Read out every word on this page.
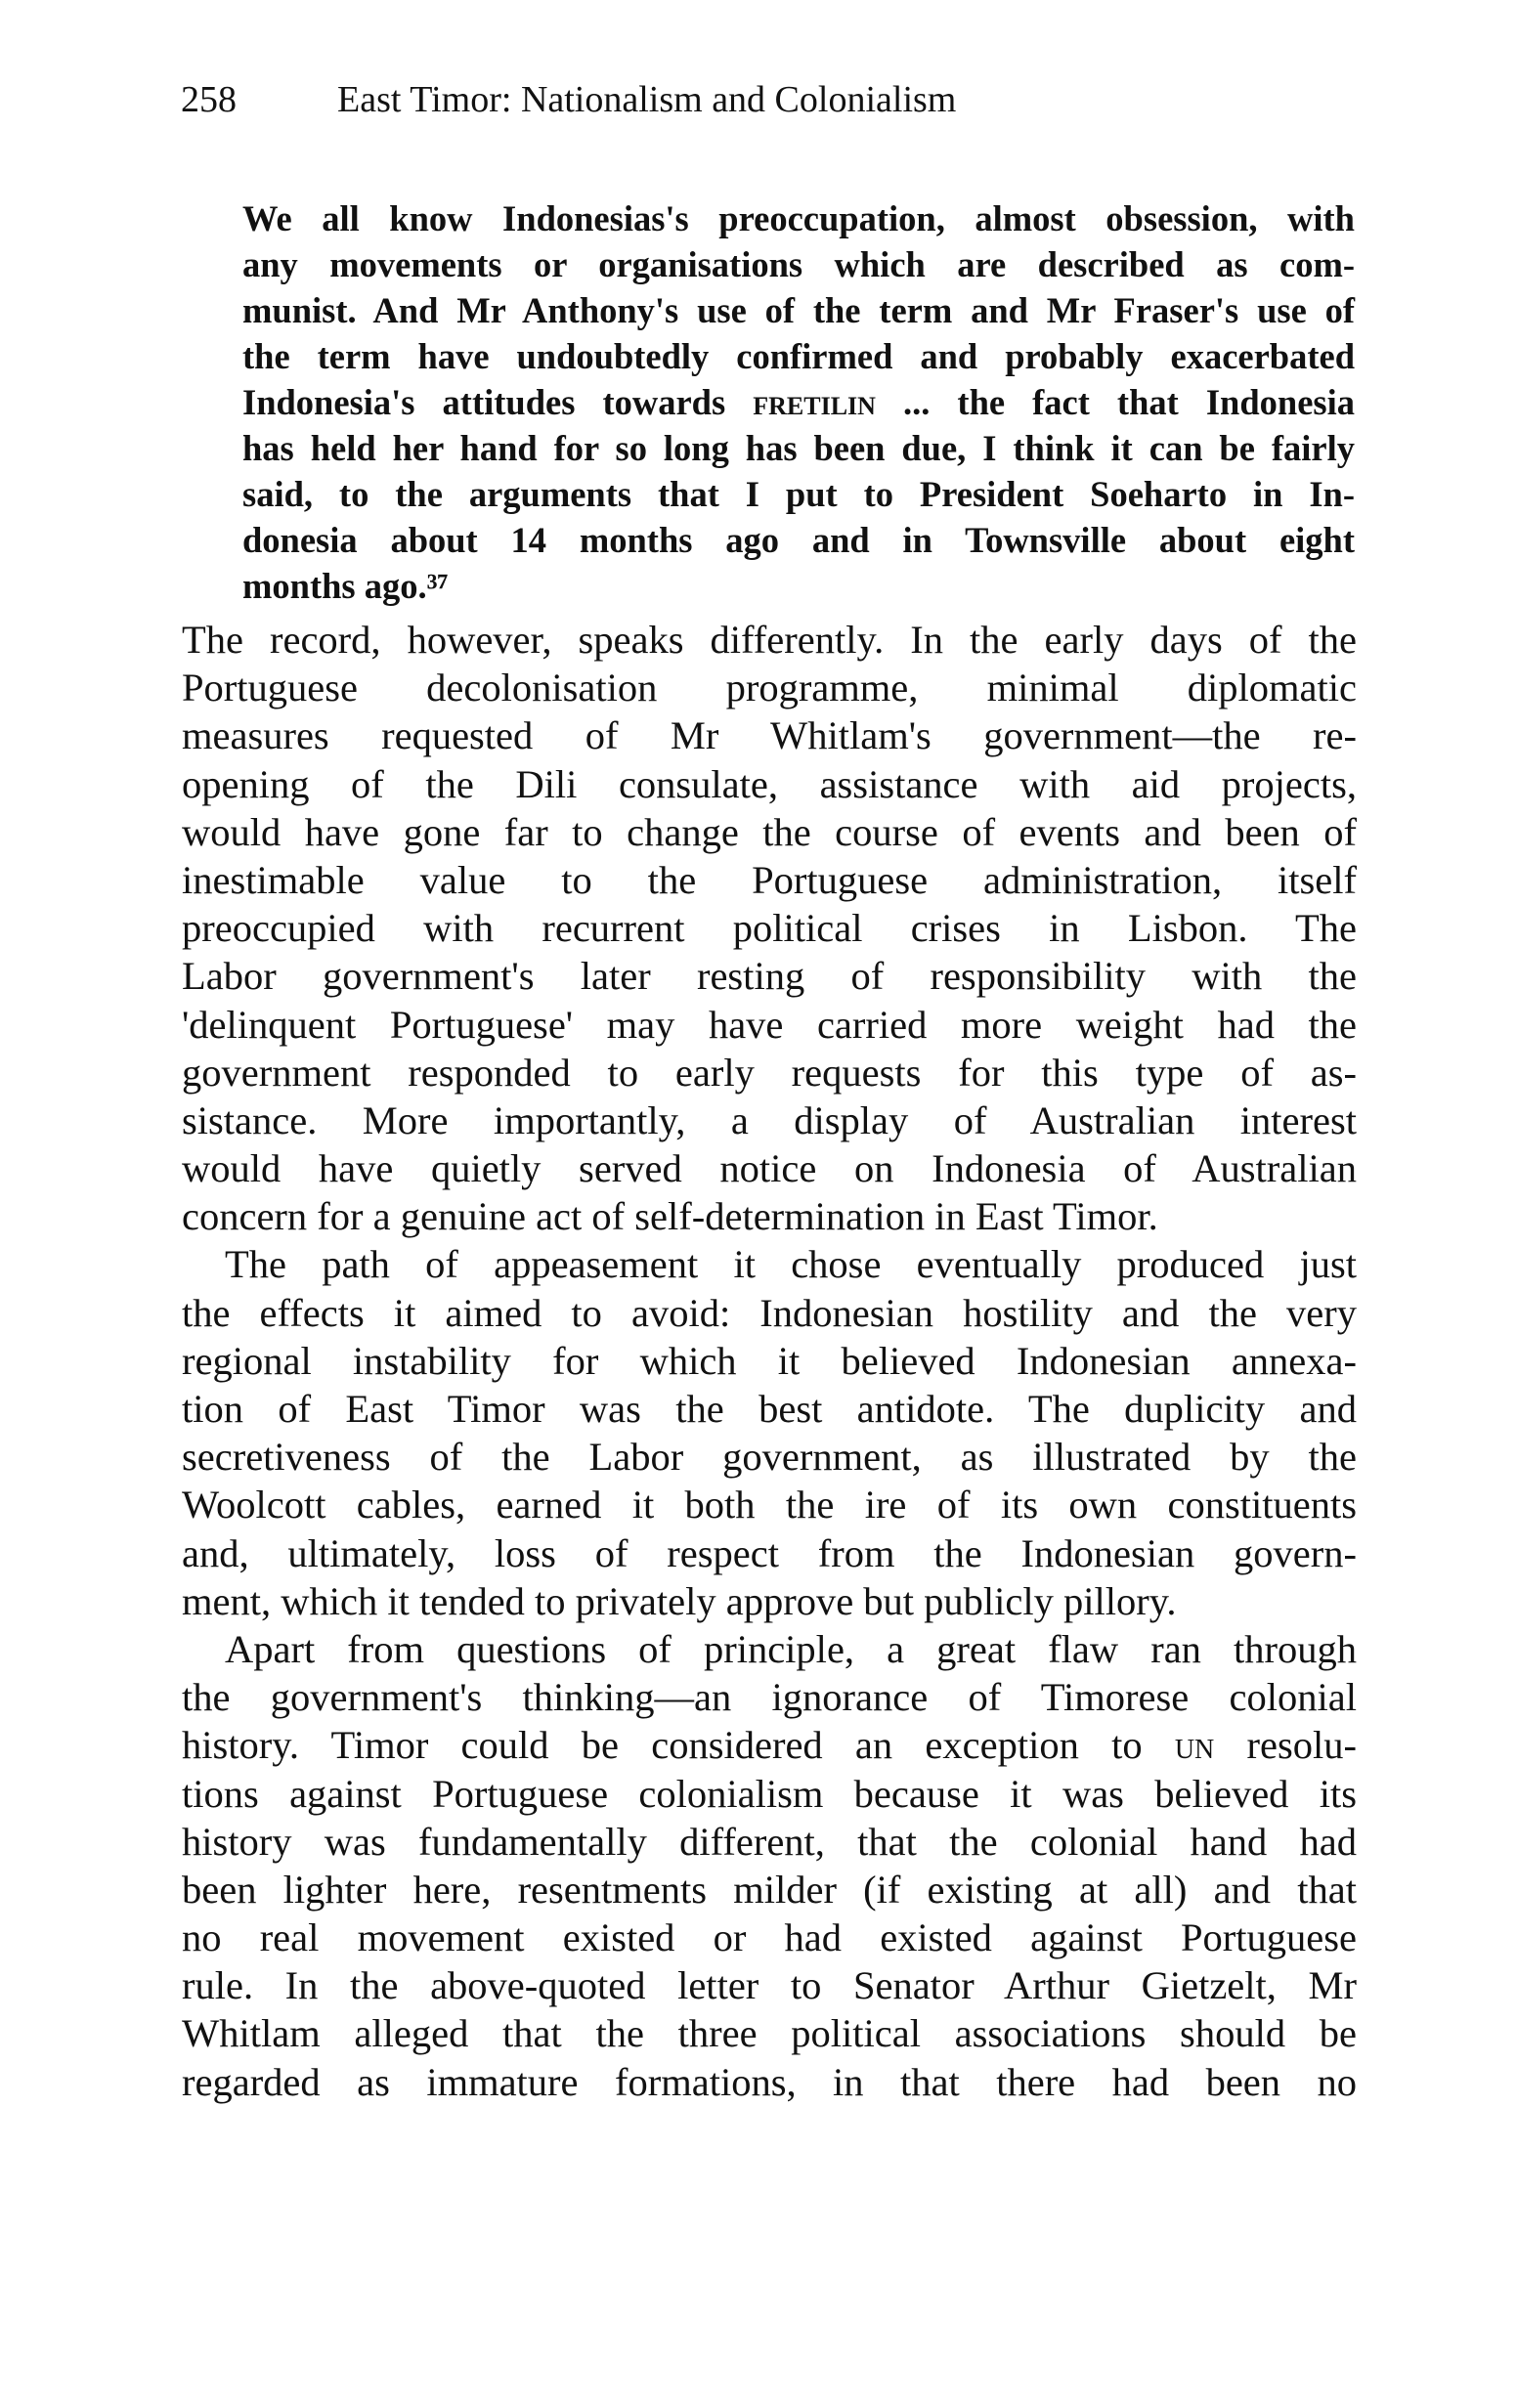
258	East Timor: Nationalism and Colonialism
We all know Indonesias's preoccupation, almost obsession, with
any movements or organisations which are described as com-
munist. And Mr Anthony's use of the term and Mr Fraser's use of
the term have undoubtedly confirmed and probably exacerbated
Indonesia's attitudes towards fretilin ... the fact that Indonesia
has held her hand for so long has been due, I think it can be fairly
said, to the arguments that I put to President Soeharto in In-
donesia about 14 months ago and in Townsville about eight
months ago.³⁷
The record, however, speaks differently. In the early days of the
Portuguese decolonisation programme, minimal diplomatic
measures requested of Mr Whitlam's government—the re-
opening of the Dili consulate, assistance with aid projects,
would have gone far to change the course of events and been of
inestimable value to the Portuguese administration, itself
preoccupied with recurrent political crises in Lisbon. The
Labor government's later resting of responsibility with the
'delinquent Portuguese' may have carried more weight had the
government responded to early requests for this type of as-
sistance. More importantly, a display of Australian interest
would have quietly served notice on Indonesia of Australian
concern for a genuine act of self-determination in East Timor.
The path of appeasement it chose eventually produced just
the effects it aimed to avoid: Indonesian hostility and the very
regional instability for which it believed Indonesian annexa-
tion of East Timor was the best antidote. The duplicity and
secretiveness of the Labor government, as illustrated by the
Woolcott cables, earned it both the ire of its own constituents
and, ultimately, loss of respect from the Indonesian govern-
ment, which it tended to privately approve but publicly pillory.
Apart from questions of principle, a great flaw ran through
the government's thinking—an ignorance of Timorese colonial
history. Timor could be considered an exception to un resolu-
tions against Portuguese colonialism because it was believed its
history was fundamentally different, that the colonial hand had
been lighter here, resentments milder (if existing at all) and that
no real movement existed or had existed against Portuguese
rule. In the above-quoted letter to Senator Arthur Gietzelt, Mr
Whitlam alleged that the three political associations should be
regarded as immature formations, in that there had been no
